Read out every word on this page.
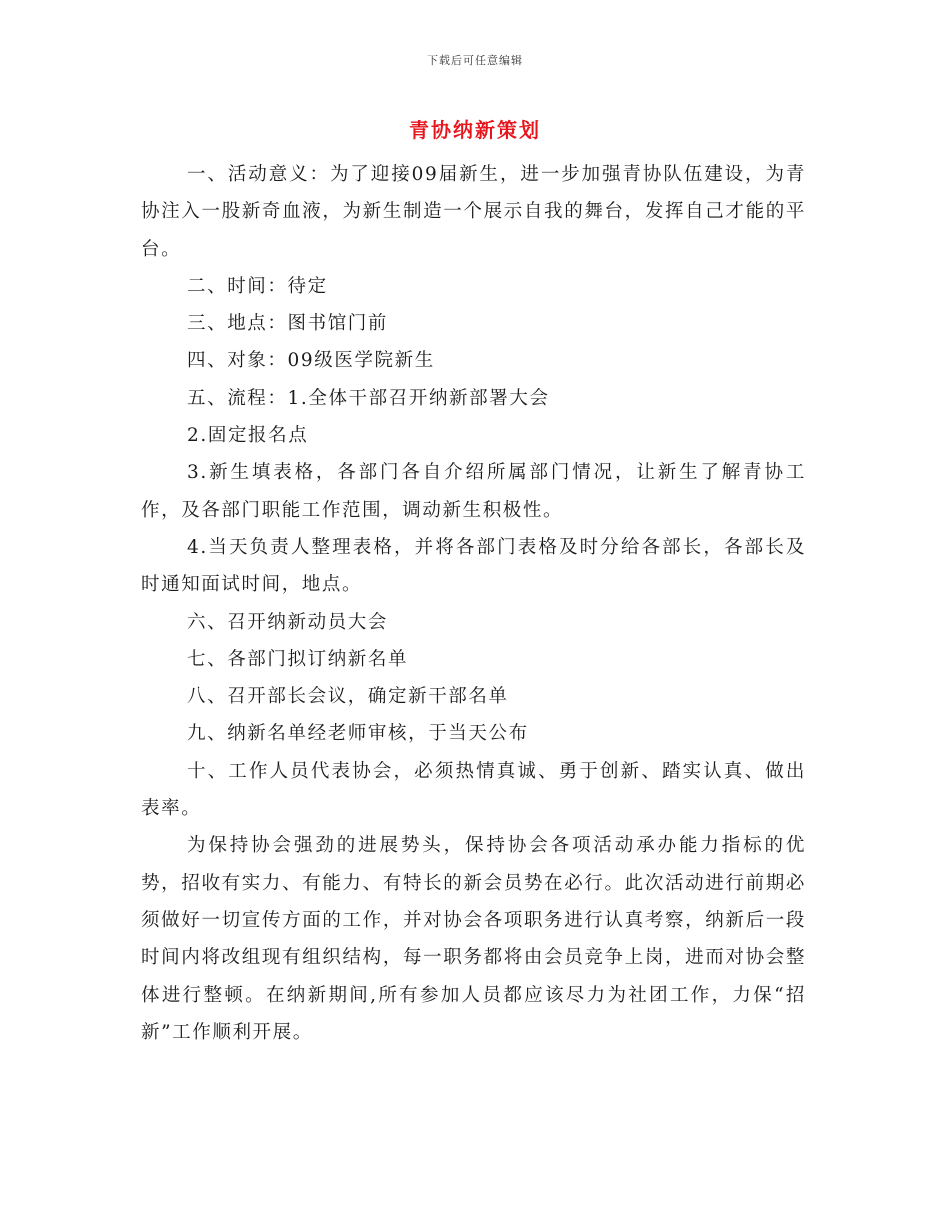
下载后可任意编辑
青协纳新策划

一、活动意义：为了迎接09届新生，进一步加强青协队伍建设，为青协注入一股新奇血液，为新生制造一个展示自我的舞台，发挥自己才能的平台。

二、时间：待定

三、地点：图书馆门前

四、对象：09级医学院新生

五、流程：1.全体干部召开纳新部署大会

2.固定报名点

3.新生填表格，各部门各自介绍所属部门情况，让新生了解青协工作，及各部门职能工作范围，调动新生积极性。

4.当天负责人整理表格，并将各部门表格及时分给各部长，各部长及时通知面试时间，地点。

六、召开纳新动员大会

七、各部门拟订纳新名单

八、召开部长会议，确定新干部名单

九、纳新名单经老师审核，于当天公布

十、工作人员代表协会，必须热情真诚、勇于创新、踏实认真、做出表率。

为保持协会强劲的进展势头，保持协会各项活动承办能力指标的优势，招收有实力、有能力、有特长的新会员势在必行。此次活动进行前期必须做好一切宣传方面的工作，并对协会各项职务进行认真考察，纳新后一段时间内将改组现有组织结构，每一职务都将由会员竞争上岗，进而对协会整体进行整顿。在纳新期间,所有参加人员都应该尽力为社团工作，力保“招新”工作顺利开展。
